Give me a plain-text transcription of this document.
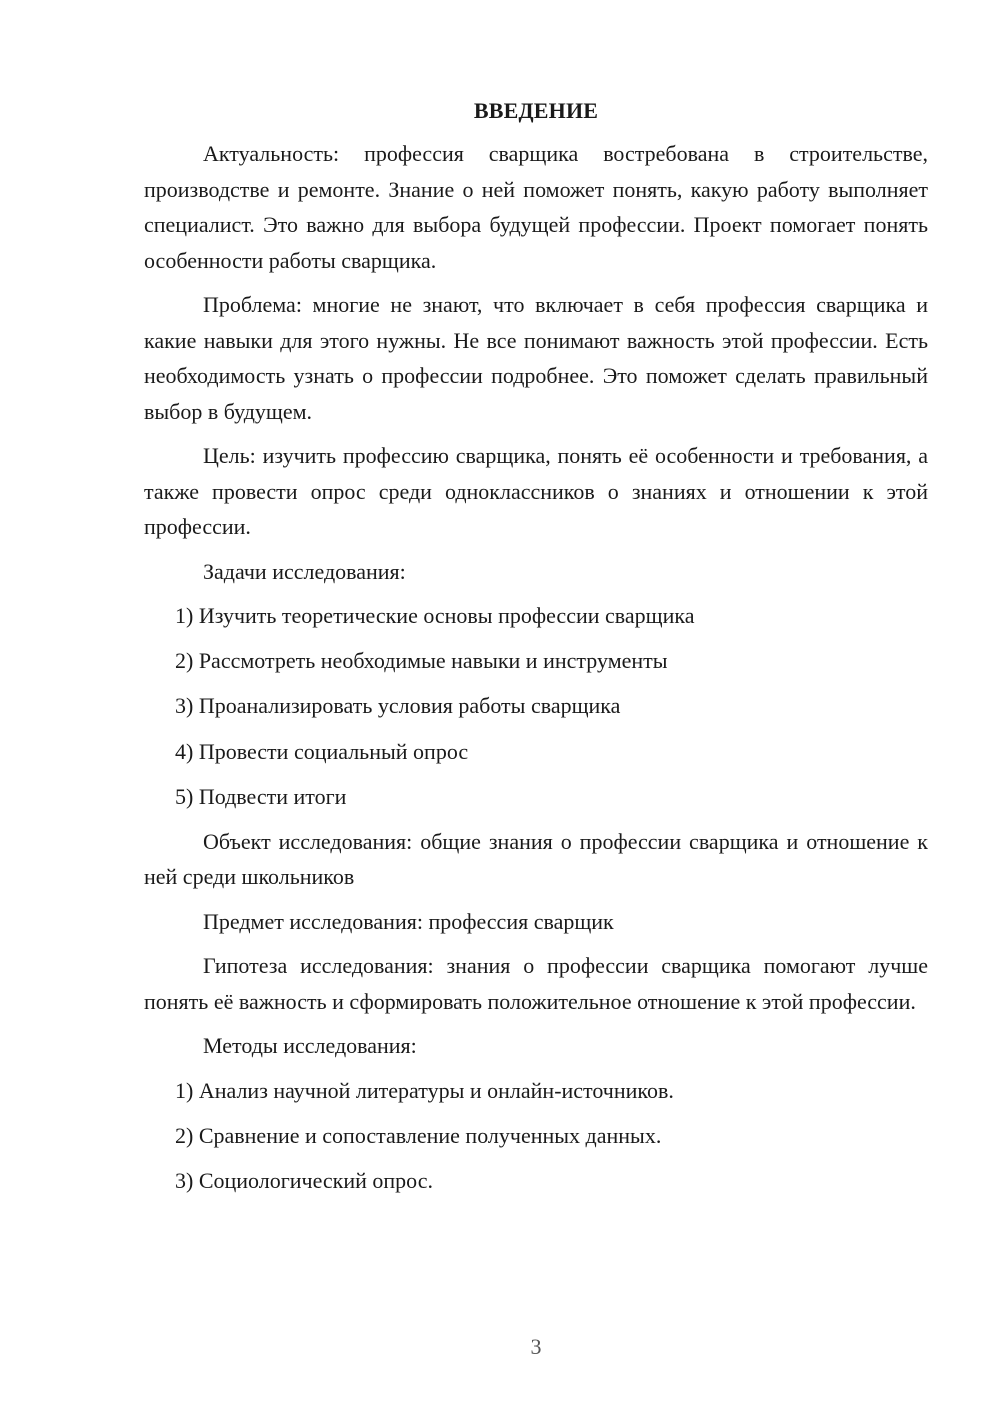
ВВЕДЕНИЕ

Актуальность: профессия сварщика востребована в строительстве, производстве и ремонте. Знание о ней поможет понять, какую работу выполняет специалист. Это важно для выбора будущей профессии. Проект помогает понять особенности работы сварщика.

Проблема: многие не знают, что включает в себя профессия сварщика и какие навыки для этого нужны. Не все понимают важность этой профессии. Есть необходимость узнать о профессии подробнее. Это поможет сделать правильный выбор в будущем.

Цель: изучить профессию сварщика, понять её особенности и требования, а также провести опрос среди одноклассников о знаниях и отношении к этой профессии.

Задачи исследования:

1) Изучить теоретические основы профессии сварщика
2) Рассмотреть необходимые навыки и инструменты
3) Проанализировать условия работы сварщика
4) Провести социальный опрос
5) Подвести итоги

Объект исследования: общие знания о профессии сварщика и отношение к ней среди школьников

Предмет исследования: профессия сварщик

Гипотеза исследования: знания о профессии сварщика помогают лучше понять её важность и сформировать положительное отношение к этой профессии.

Методы исследования:

1) Анализ научной литературы и онлайн-источников.
2) Сравнение и сопоставление полученных данных.
3) Социологический опрос.
3
